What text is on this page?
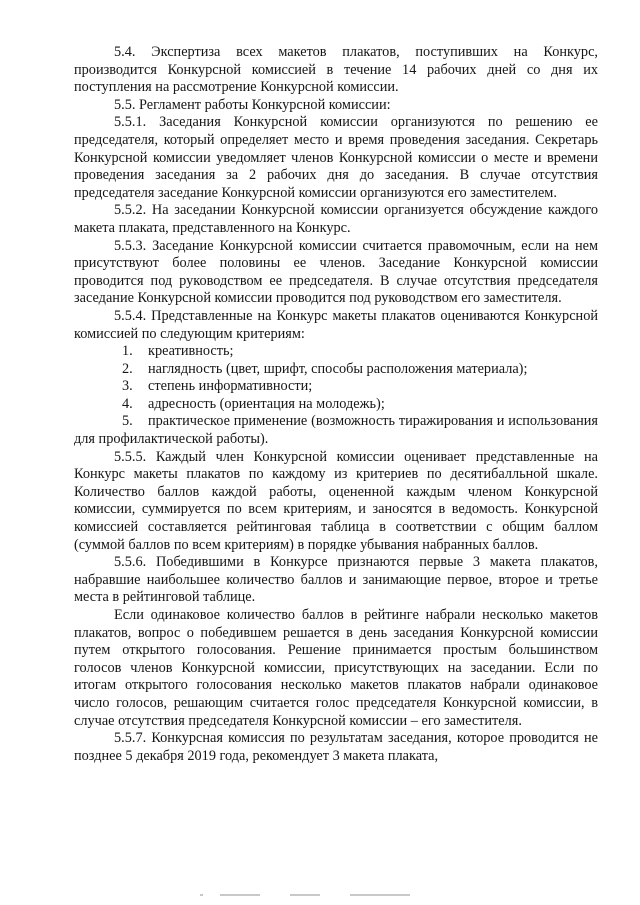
5.4. Экспертиза всех макетов плакатов, поступивших на Конкурс, производится Конкурсной комиссией в течение 14 рабочих дней со дня их поступления на рассмотрение Конкурсной комиссии.

5.5. Регламент работы Конкурсной комиссии:

5.5.1. Заседания Конкурсной комиссии организуются по решению ее председателя, который определяет место и время проведения заседания. Секретарь Конкурсной комиссии уведомляет членов Конкурсной комиссии о месте и времени проведения заседания за 2 рабочих дня до заседания. В случае отсутствия председателя заседание Конкурсной комиссии организуются его заместителем.

5.5.2. На заседании Конкурсной комиссии организуется обсуждение каждого макета плаката, представленного на Конкурс.

5.5.3. Заседание Конкурсной комиссии считается правомочным, если на нем присутствуют более половины ее членов. Заседание Конкурсной комиссии проводится под руководством ее председателя. В случае отсутствия председателя заседание Конкурсной комиссии проводится под руководством его заместителя.

5.5.4. Представленные на Конкурс макеты плакатов оцениваются Конкурсной комиссией по следующим критериям:

1. креативность;
2. наглядность (цвет, шрифт, способы расположения материала);
3. степень информативности;
4. адресность (ориентация на молодежь);
5. практическое применение (возможность тиражирования и использования для профилактической работы).

5.5.5. Каждый член Конкурсной комиссии оценивает представленные на Конкурс макеты плакатов по каждому из критериев по десятибалльной шкале. Количество баллов каждой работы, оцененной каждым членом Конкурсной комиссии, суммируется по всем критериям, и заносятся в ведомость. Конкурсной комиссией составляется рейтинговая таблица в соответствии с общим баллом (суммой баллов по всем критериям) в порядке убывания набранных баллов.

5.5.6. Победившими в Конкурсе признаются первые 3 макета плакатов, набравшие наибольшее количество баллов и занимающие первое, второе и третье места в рейтинговой таблице.

Если одинаковое количество баллов в рейтинге набрали несколько макетов плакатов, вопрос о победившем решается в день заседания Конкурсной комиссии путем открытого голосования. Решение принимается простым большинством голосов членов Конкурсной комиссии, присутствующих на заседании. Если по итогам открытого голосования несколько макетов плакатов набрали одинаковое число голосов, решающим считается голос председателя Конкурсной комиссии, в случае отсутствия председателя Конкурсной комиссии – его заместителя.

5.5.7. Конкурсная комиссия по результатам заседания, которое проводится не позднее 5 декабря 2019 года, рекомендует 3 макета плаката,
